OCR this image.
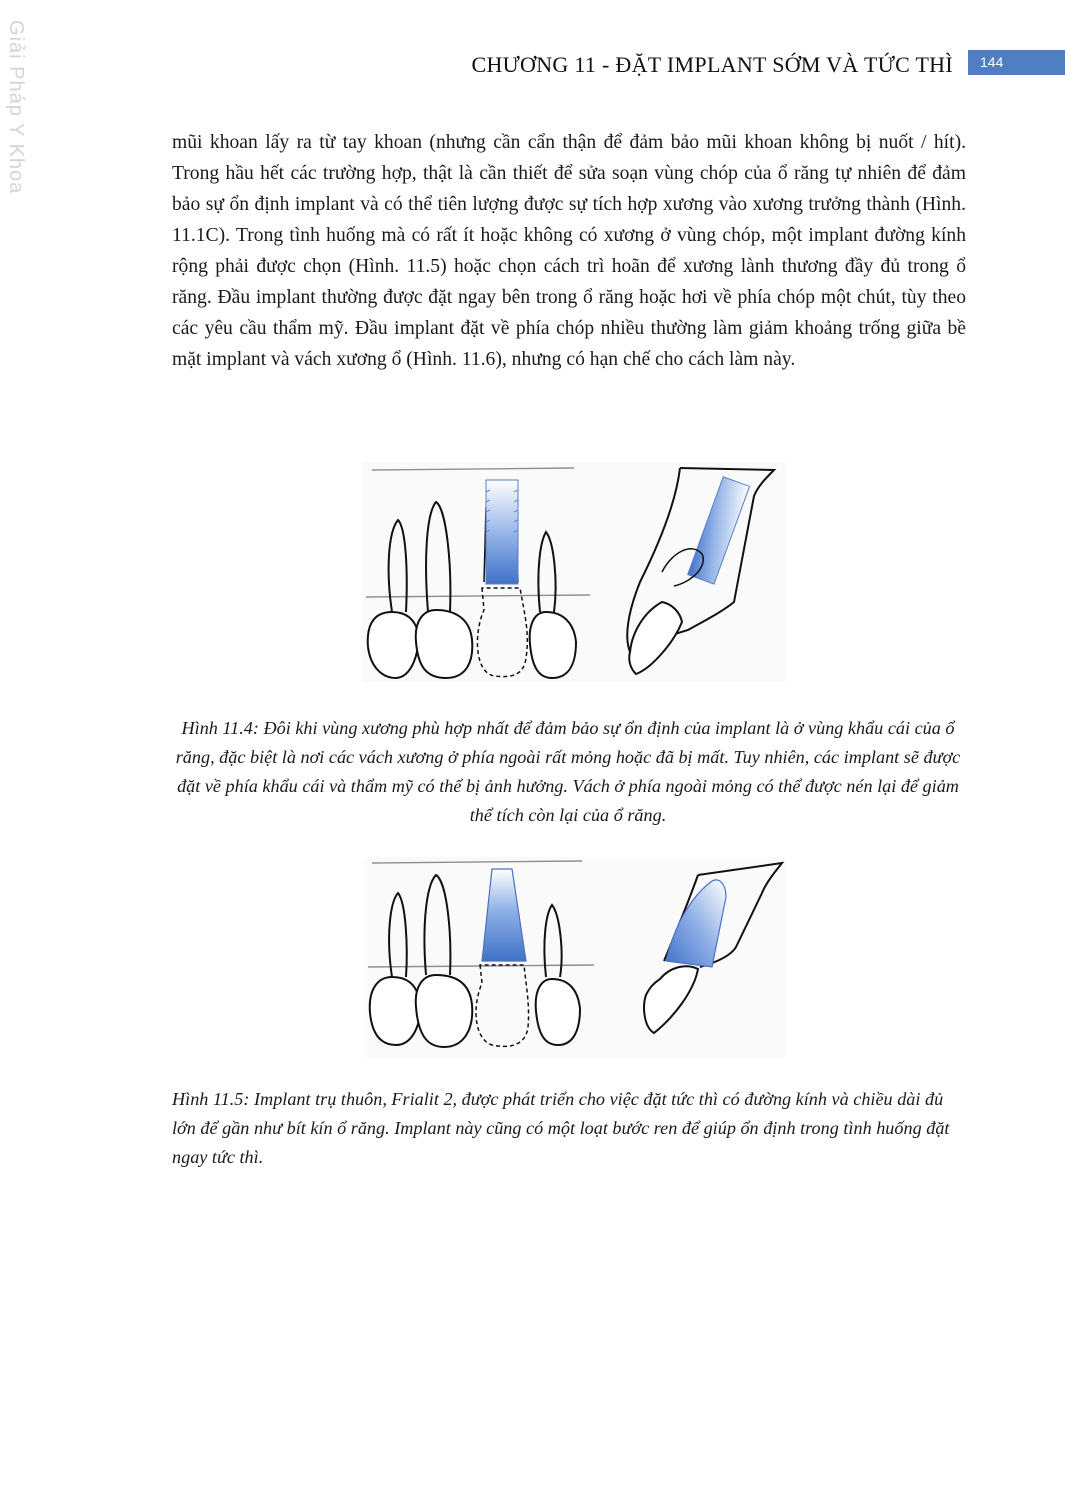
Giải Pháp Y Khoa	CHƯƠNG 11 - ĐẶT IMPLANT SỚM VÀ TỨC THÌ	144

mũi khoan lấy ra từ tay khoan (nhưng cần cẩn thận để đảm bảo mũi khoan không bị nuốt / hít). Trong hầu hết các trường hợp, thật là cần thiết để sửa soạn vùng chóp của ổ răng tự nhiên để đảm bảo sự ổn định implant và có thể tiên lượng được sự tích hợp xương vào xương trưởng thành (Hình. 11.1C). Trong tình huống mà có rất ít hoặc không có xương ở vùng chóp, một implant đường kính rộng phải được chọn (Hình. 11.5) hoặc chọn cách trì hoãn để xương lành thương đầy đủ trong ổ răng. Đầu implant thường được đặt ngay bên trong ổ răng hoặc hơi về phía chóp một chút, tùy theo các yêu cầu thẩm mỹ. Đầu implant đặt về phía chóp nhiều thường làm giảm khoảng trống giữa bề mặt implant và vách xương ổ (Hình. 11.6), nhưng có hạn chế cho cách làm này.

Hình 11.4: Đôi khi vùng xương phù hợp nhất để đảm bảo sự ổn định của implant là ở vùng khẩu cái của ổ răng, đặc biệt là nơi các vách xương ở phía ngoài rất mỏng hoặc đã bị mất. Tuy nhiên, các implant sẽ được đặt về phía khẩu cái và thẩm mỹ có thể bị ảnh hưởng. Vách ở phía ngoài mỏng có thể được nén lại để giảm thể tích còn lại của ổ răng.

Hình 11.5: Implant trụ thuôn, Frialit 2, được phát triển cho việc đặt tức thì có đường kính và chiều dài đủ lớn để gần như bít kín ổ răng. Implant này cũng có một loạt bước ren để giúp ổn định trong tình huống đặt ngay tức thì.
